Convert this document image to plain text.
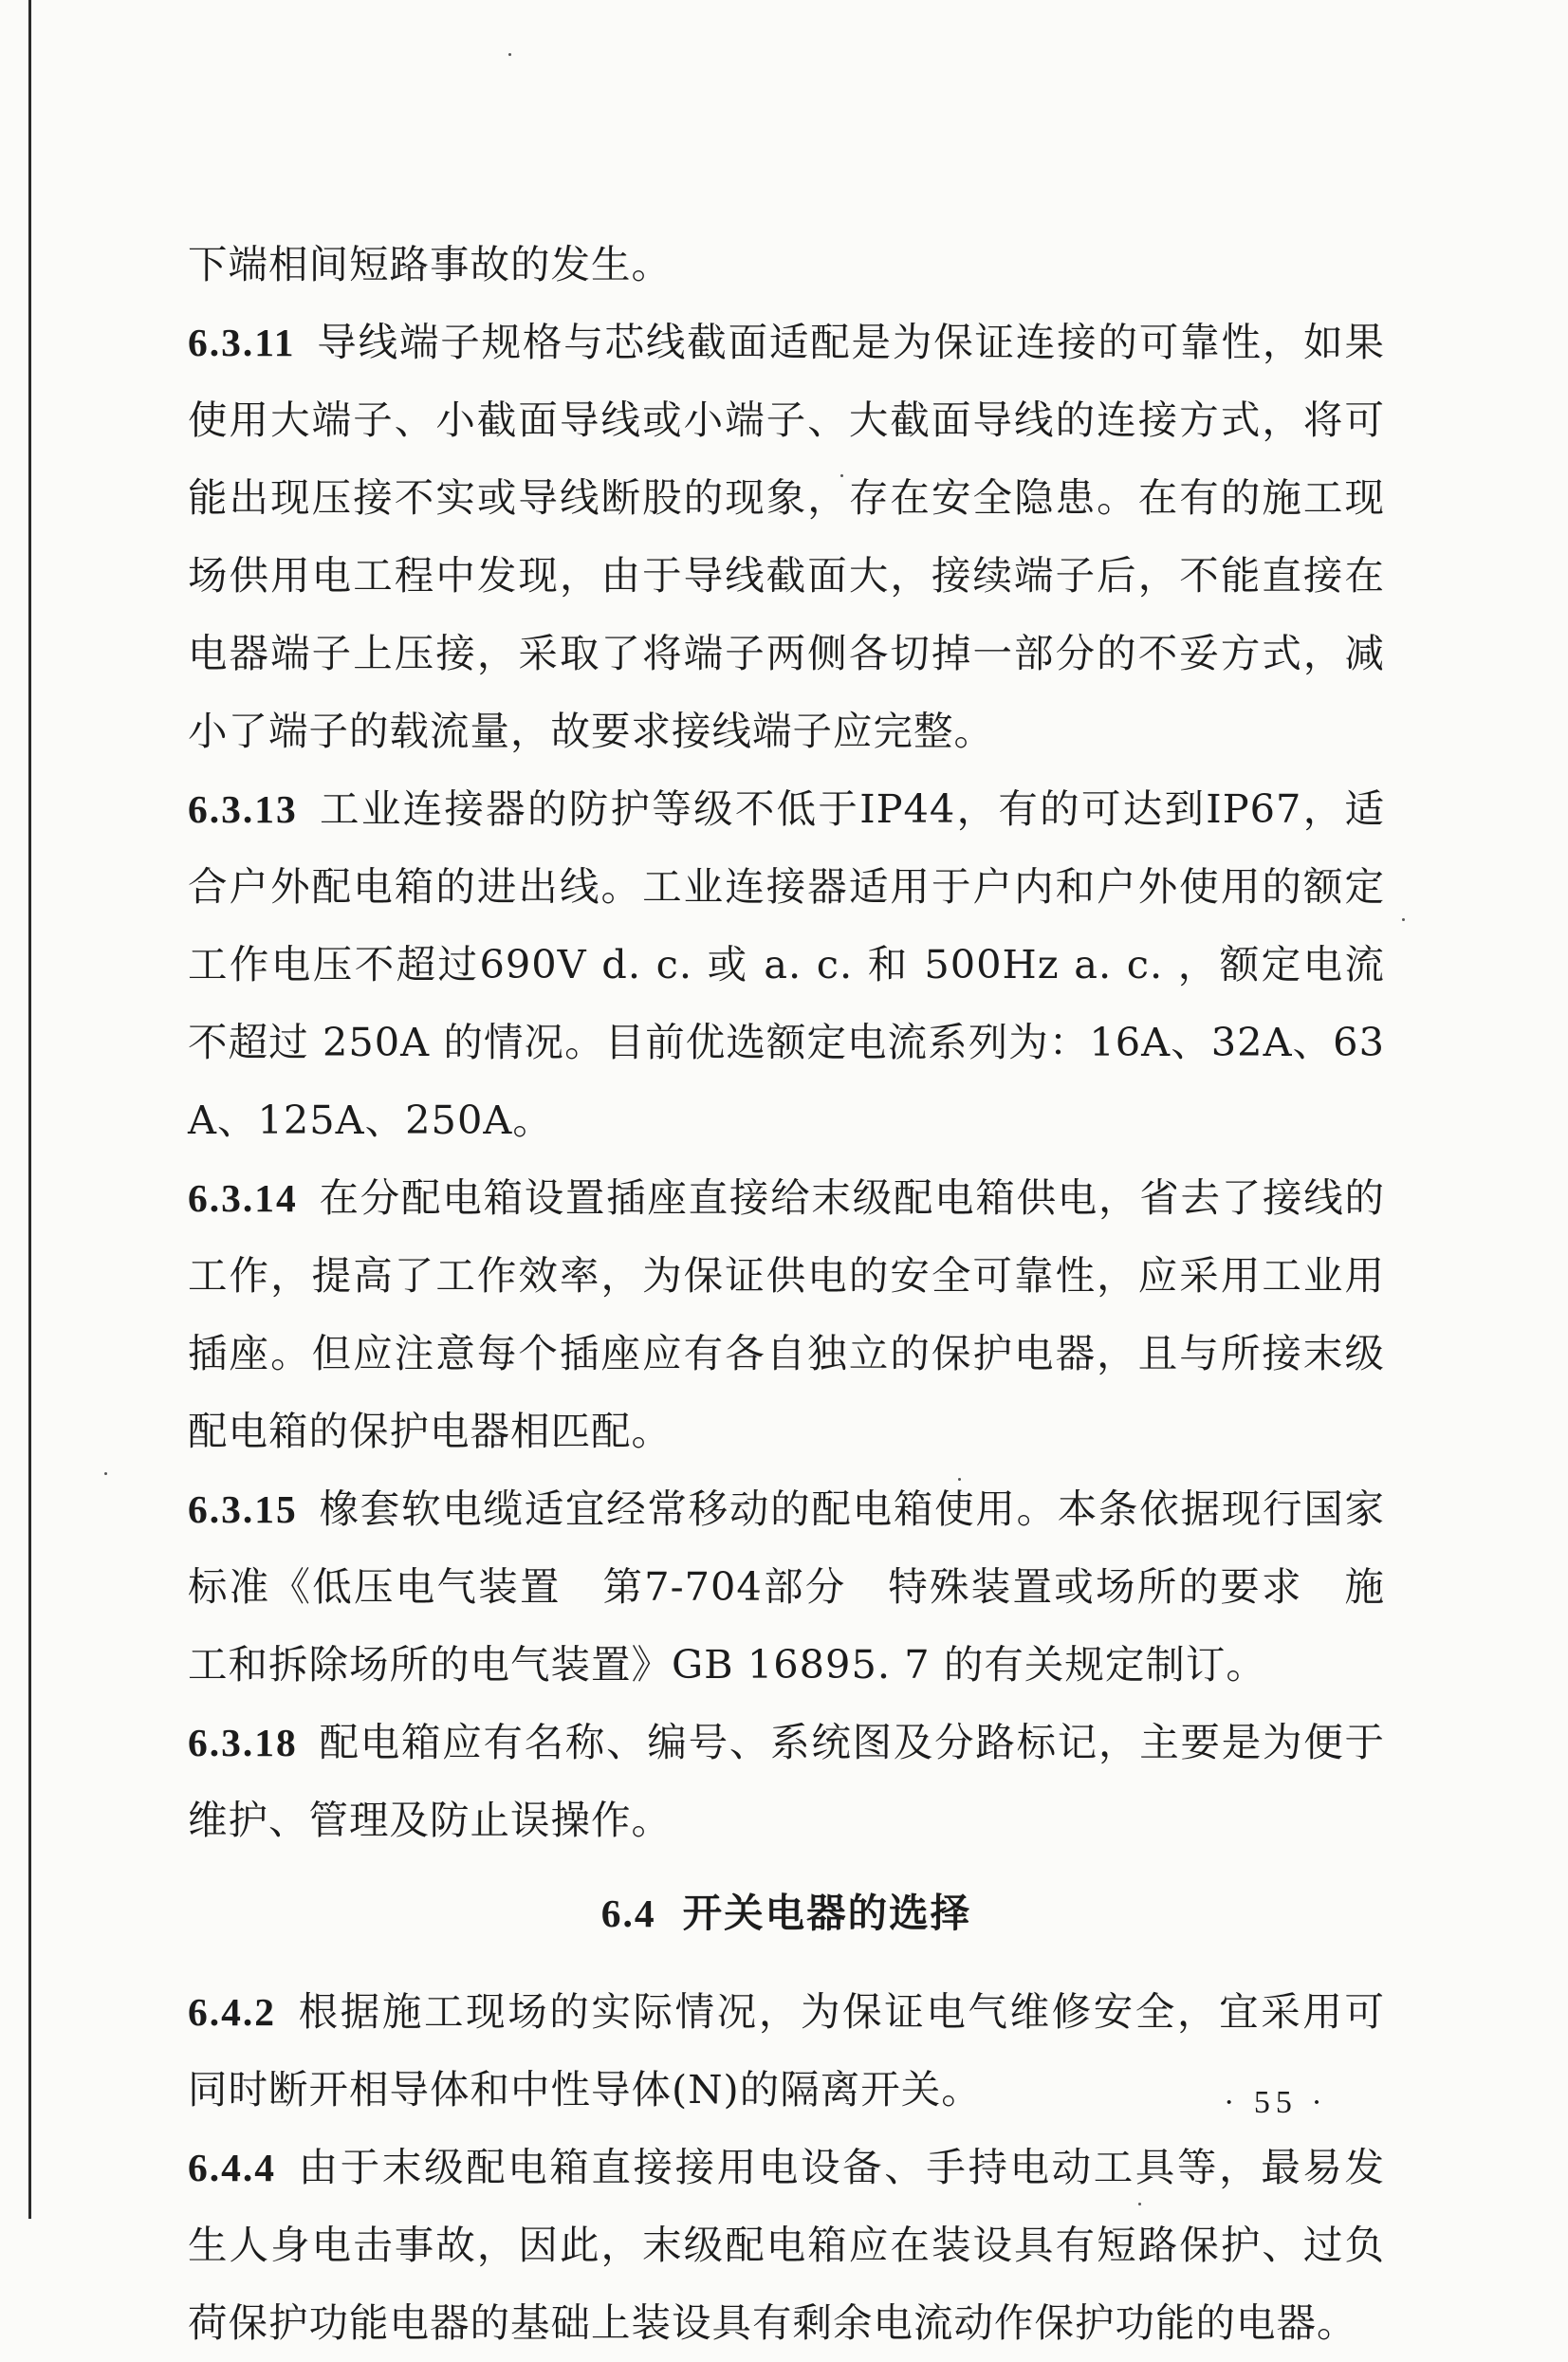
下端相间短路事故的发生。

6.3.11 导线端子规格与芯线截面适配是为保证连接的可靠性，如果使用大端子、小截面导线或小端子、大截面导线的连接方式，将可能出现压接不实或导线断股的现象，存在安全隐患。在有的施工现场供用电工程中发现，由于导线截面大，接续端子后，不能直接在电器端子上压接，采取了将端子两侧各切掉一部分的不妥方式，减小了端子的载流量，故要求接线端子应完整。

6.3.13 工业连接器的防护等级不低于IP44，有的可达到IP67，适合户外配电箱的进出线。工业连接器适用于户内和户外使用的额定工作电压不超过690V d. c. 或 a. c. 和 500Hz a. c. ，额定电流不超过 250A 的情况。目前优选额定电流系列为：16A、32A、63A、125A、250A。

6.3.14 在分配电箱设置插座直接给末级配电箱供电，省去了接线的工作，提高了工作效率，为保证供电的安全可靠性，应采用工业用插座。但应注意每个插座应有各自独立的保护电器，且与所接末级配电箱的保护电器相匹配。

6.3.15 橡套软电缆适宜经常移动的配电箱使用。本条依据现行国家标准《低压电气装置　第7-704部分　特殊装置或场所的要求　施工和拆除场所的电气装置》GB 16895. 7 的有关规定制订。

6.3.18 配电箱应有名称、编号、系统图及分路标记，主要是为便于维护、管理及防止误操作。

6.4 开关电器的选择

6.4.2 根据施工现场的实际情况，为保证电气维修安全，宜采用可同时断开相导体和中性导体(N)的隔离开关。

6.4.4 由于末级配电箱直接接用电设备、手持电动工具等，最易发生人身电击事故，因此，末级配电箱应在装设具有短路保护、过负荷保护功能电器的基础上装设具有剩余电流动作保护功能的电器。

· 55 ·
